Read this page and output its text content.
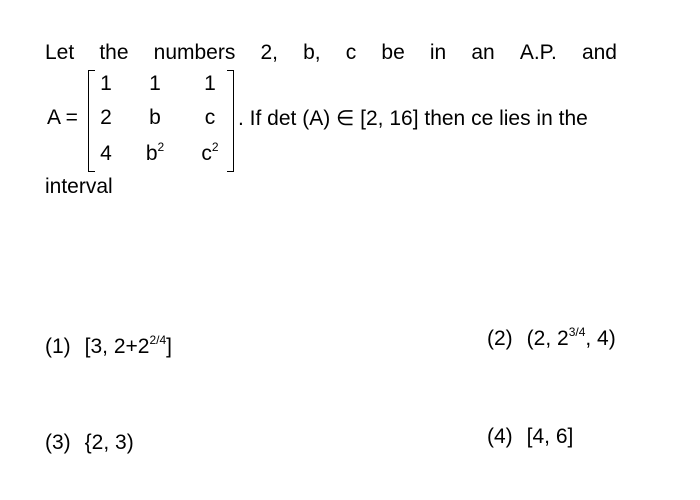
Let the numbers 2, b, c be in an A.P. and
A =
1	1	1
2	b	c
4	$b^2$	$c^2$
. If det (A) ∈ [2, 16] then ce lies in the
interval
(1) [3, $2+2^{2/4}$]	(2) (2, $2^{3/4}$, 4)
(3) {2, 3)	(4) [4, 6]
